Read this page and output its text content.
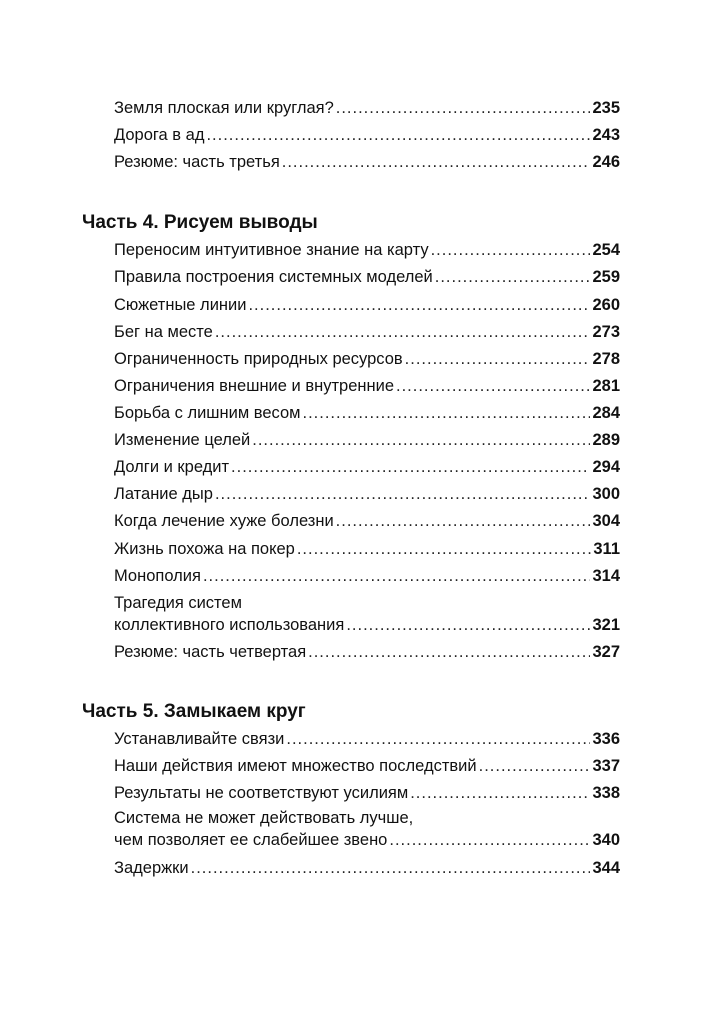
Земля плоская или круглая? .....	235
Дорога в ад .....	243
Резюме: часть третья .....	246
Часть 4. Рисуем выводы
Переносим интуитивное знание на карту .....	254
Правила построения системных моделей .....	259
Сюжетные линии .....	260
Бег на месте .....	273
Ограниченность природных ресурсов .....	278
Ограничения внешние и внутренние .....	281
Борьба с лишним весом .....	284
Изменение целей .....	289
Долги и кредит .....	294
Латание дыр .....	300
Когда лечение хуже болезни .....	304
Жизнь похожа на покер .....	311
Монополия .....	314
Трагедия систем
коллективного использования .....	321
Резюме: часть четвертая .....	327
Часть 5. Замыкаем круг
Устанавливайте связи .....	336
Наши действия имеют множество последствий .....	337
Результаты не соответствуют усилиям .....	338
Система не может действовать лучше,
чем позволяет ее слабейшее звено .....	340
Задержки .....	344
